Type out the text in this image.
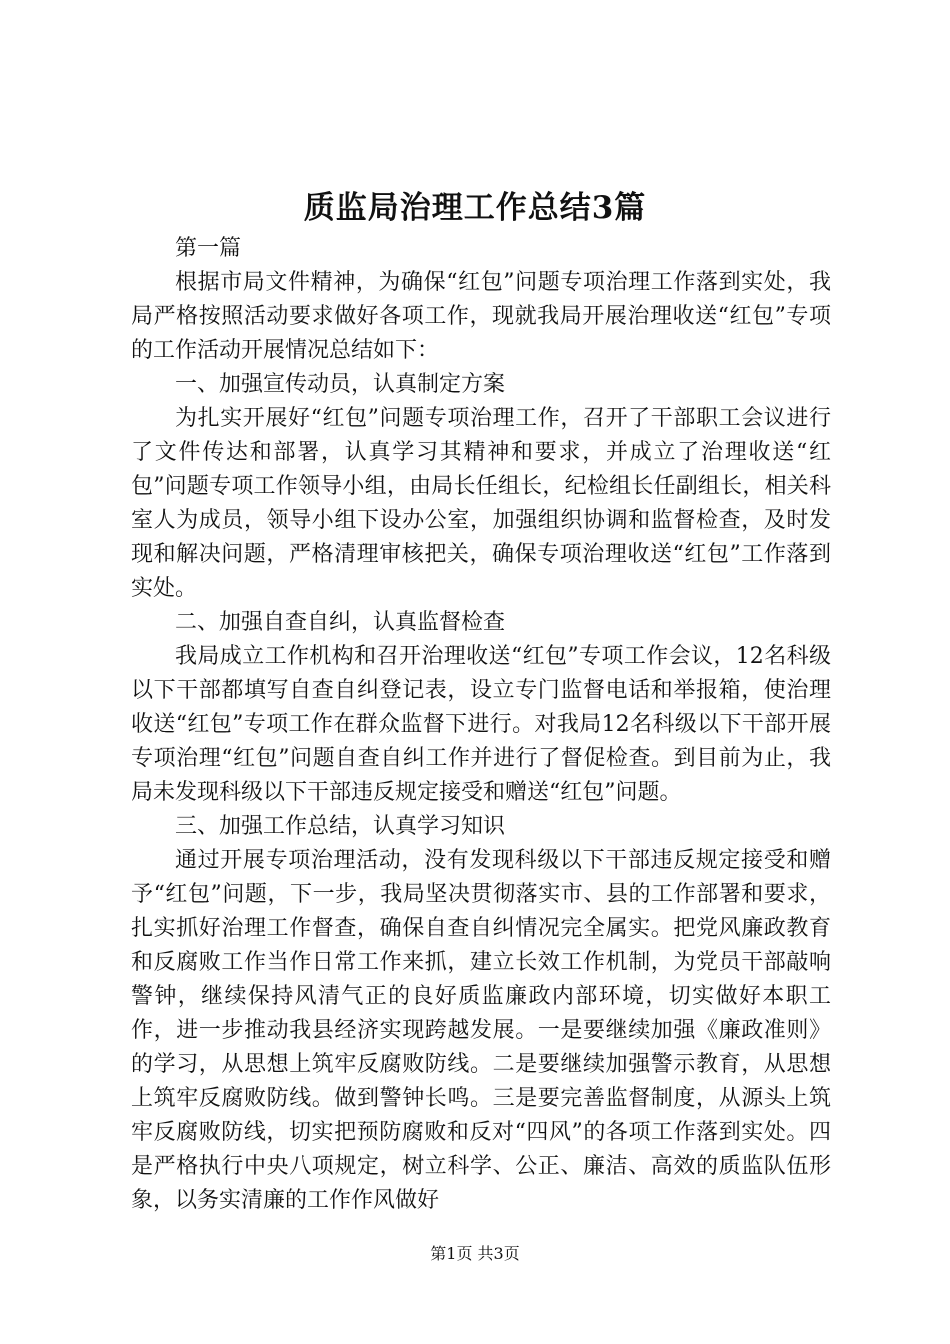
质监局治理工作总结3篇

第一篇

根据市局文件精神，为确保“红包”问题专项治理工作落到实处，我局严格按照活动要求做好各项工作，现就我局开展治理收送“红包”专项的工作活动开展情况总结如下：

一、加强宣传动员，认真制定方案

为扎实开展好“红包”问题专项治理工作，召开了干部职工会议进行了文件传达和部署，认真学习其精神和要求，并成立了治理收送“红包”问题专项工作领导小组，由局长任组长，纪检组长任副组长，相关科室人为成员，领导小组下设办公室，加强组织协调和监督检查，及时发现和解决问题，严格清理审核把关，确保专项治理收送“红包”工作落到实处。

二、加强自查自纠，认真监督检查

我局成立工作机构和召开治理收送“红包”专项工作会议，12名科级以下干部都填写自查自纠登记表，设立专门监督电话和举报箱，使治理收送“红包”专项工作在群众监督下进行。对我局12名科级以下干部开展专项治理“红包”问题自查自纠工作并进行了督促检查。到目前为止，我局未发现科级以下干部违反规定接受和赠送“红包”问题。

三、加强工作总结，认真学习知识

通过开展专项治理活动，没有发现科级以下干部违反规定接受和赠予“红包”问题，下一步，我局坚决贯彻落实市、县的工作部署和要求，扎实抓好治理工作督查，确保自查自纠情况完全属实。把党风廉政教育和反腐败工作当作日常工作来抓，建立长效工作机制，为党员干部敲响警钟，继续保持风清气正的良好质监廉政内部环境，切实做好本职工作，进一步推动我县经济实现跨越发展。一是要继续加强《廉政准则》的学习，从思想上筑牢反腐败防线。二是要继续加强警示教育，从思想上筑牢反腐败防线。做到警钟长鸣。三是要完善监督制度，从源头上筑牢反腐败防线，切实把预防腐败和反对“四风”的各项工作落到实处。四是严格执行中央八项规定，树立科学、公正、廉洁、高效的质监队伍形象，以务实清廉的工作作风做好

第1页 共3页
